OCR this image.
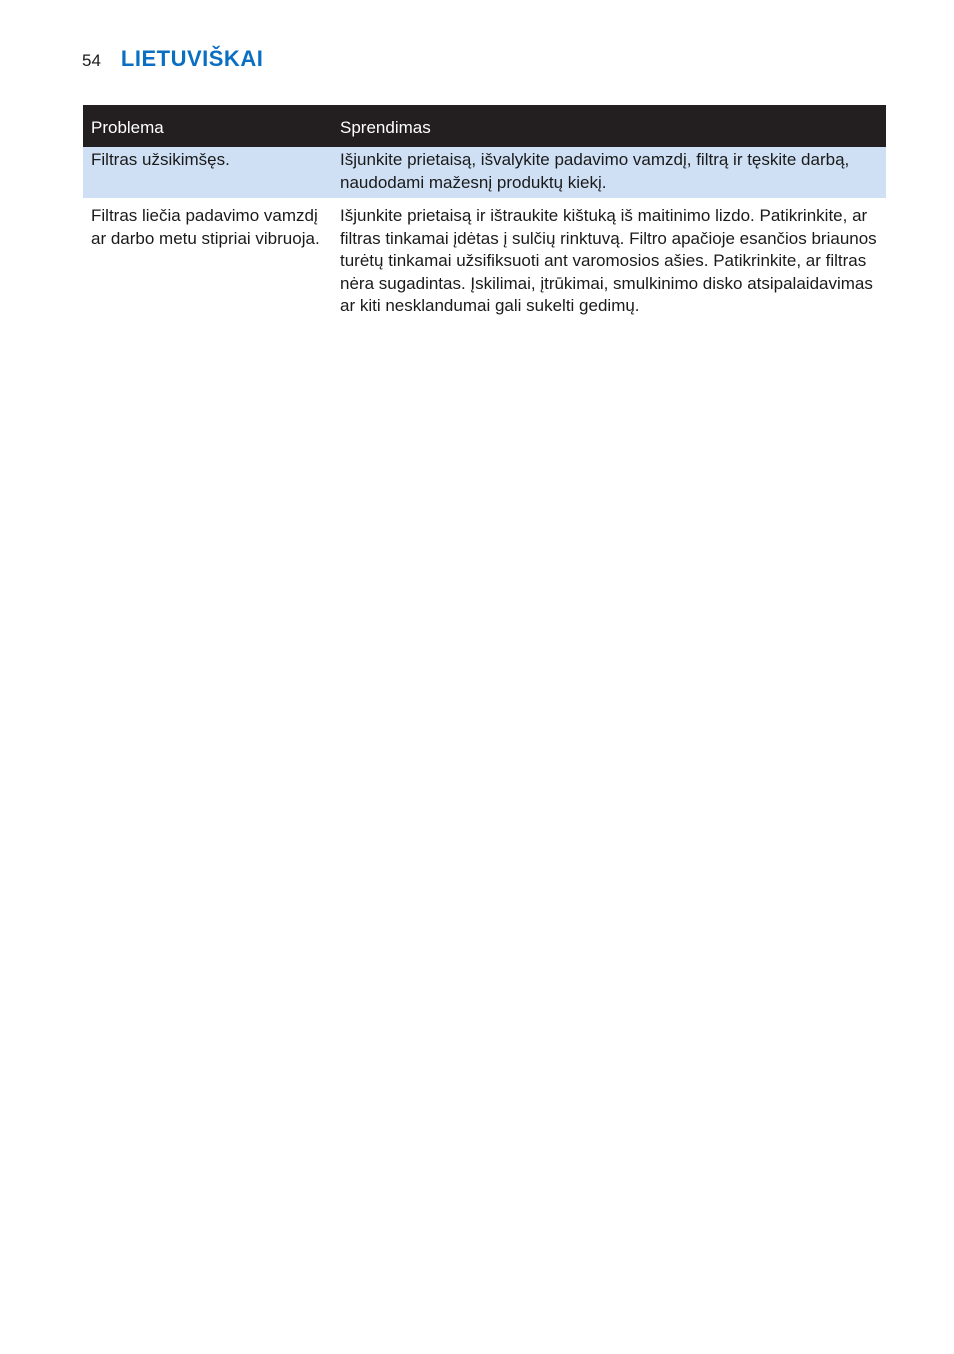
54 LIETUVIŠKAI
Problema	Sprendimas
Filtras užsikimšęs.	Išjunkite prietaisą, išvalykite padavimo vamzdį, filtrą ir tęskite darbą, naudodami mažesnį produktų kiekį.
Filtras liečia padavimo vamzdį ar darbo metu stipriai vibruoja.	Išjunkite prietaisą ir ištraukite kištuką iš maitinimo lizdo. Patikrinkite, ar filtras tinkamai įdėtas į sulčių rinktuvą. Filtro apačioje esančios briaunos turėtų tinkamai užsifiksuoti ant varomosios ašies. Patikrinkite, ar filtras nėra sugadintas. Įskilimai, įtrūkimai, smulkinimo disko atsipalaidavimas ar kiti nesklandumai gali sukelti gedimų.
